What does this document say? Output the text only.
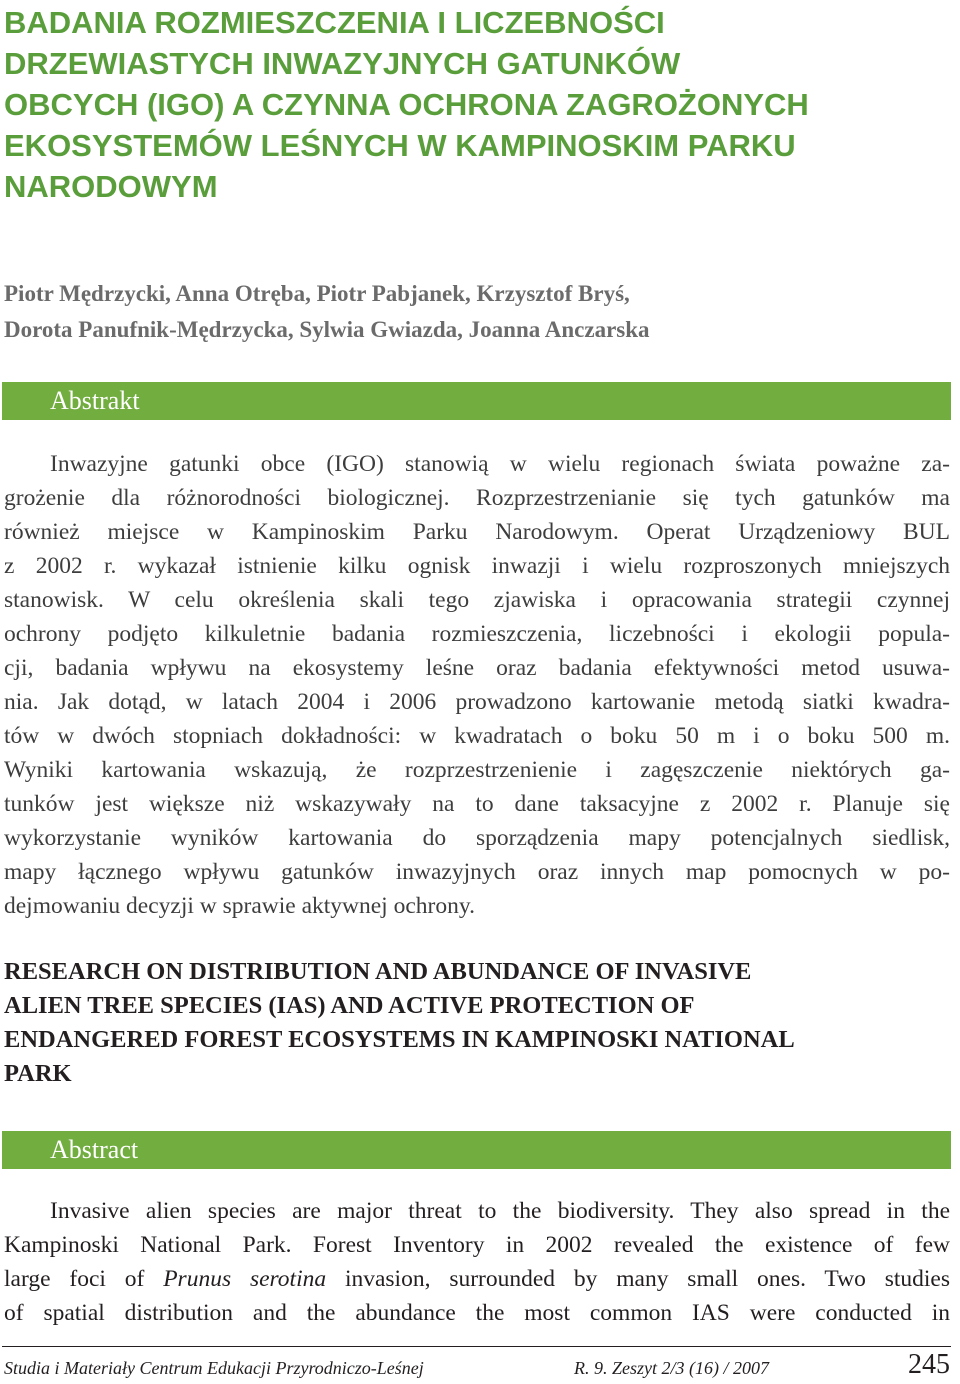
BADANIA ROZMIESZCZENIA I LICZEBNOŚCI
DRZEWIASTYCH INWAZYJNYCH GATUNKÓW
OBCYCH (IGO) A CZYNNA OCHRONA ZAGROŻONYCH
EKOSYSTEMÓW LEŚNYCH W KAMPINOSKIM PARKU
NARODOWYM
Piotr Mędrzycki, Anna Otręba, Piotr Pabjanek, Krzysztof Bryś,
Dorota Panufnik-Mędrzycka, Sylwia Gwiazda, Joanna Anczarska
Abstrakt
Inwazyjne gatunki obce (IGO) stanowią w wielu regionach świata poważne za-
grożenie dla różnorodności biologicznej. Rozprzestrzenianie się tych gatunków ma
również miejsce w Kampinoskim Parku Narodowym. Operat Urządzeniowy BUL
z 2002 r. wykazał istnienie kilku ognisk inwazji i wielu rozproszonych mniejszych
stanowisk. W celu określenia skali tego zjawiska i opracowania strategii czynnej
ochrony podjęto kilkuletnie badania rozmieszczenia, liczebności i ekologii popula-
cji, badania wpływu na ekosystemy leśne oraz badania efektywności metod usuwa-
nia. Jak dotąd, w latach 2004 i 2006 prowadzono kartowanie metodą siatki kwadra-
tów w dwóch stopniach dokładności: w kwadratach o boku 50 m i o boku 500 m.
Wyniki kartowania wskazują, że rozprzestrzenienie i zagęszczenie niektórych ga-
tunków jest większe niż wskazywały na to dane taksacyjne z 2002 r. Planuje się
wykorzystanie wyników kartowania do sporządzenia mapy potencjalnych siedlisk,
mapy łącznego wpływu gatunków inwazyjnych oraz innych map pomocnych w po-
dejmowaniu decyzji w sprawie aktywnej ochrony.
RESEARCH ON DISTRIBUTION AND ABUNDANCE OF INVASIVE
ALIEN TREE SPECIES (IAS) AND ACTIVE PROTECTION OF
ENDANGERED FOREST ECOSYSTEMS IN KAMPINOSKI NATIONAL
PARK
Abstract
Invasive alien species are major threat to the biodiversity. They also spread in the
Kampinoski National Park. Forest Inventory in 2002 revealed the existence of few
large foci of Prunus serotina invasion, surrounded by many small ones. Two studies
of spatial distribution and the abundance the most common IAS were conducted in
Studia i Materiały Centrum Edukacji Przyrodniczo-Leśnej	R. 9. Zeszyt 2/3 (16) / 2007	245
